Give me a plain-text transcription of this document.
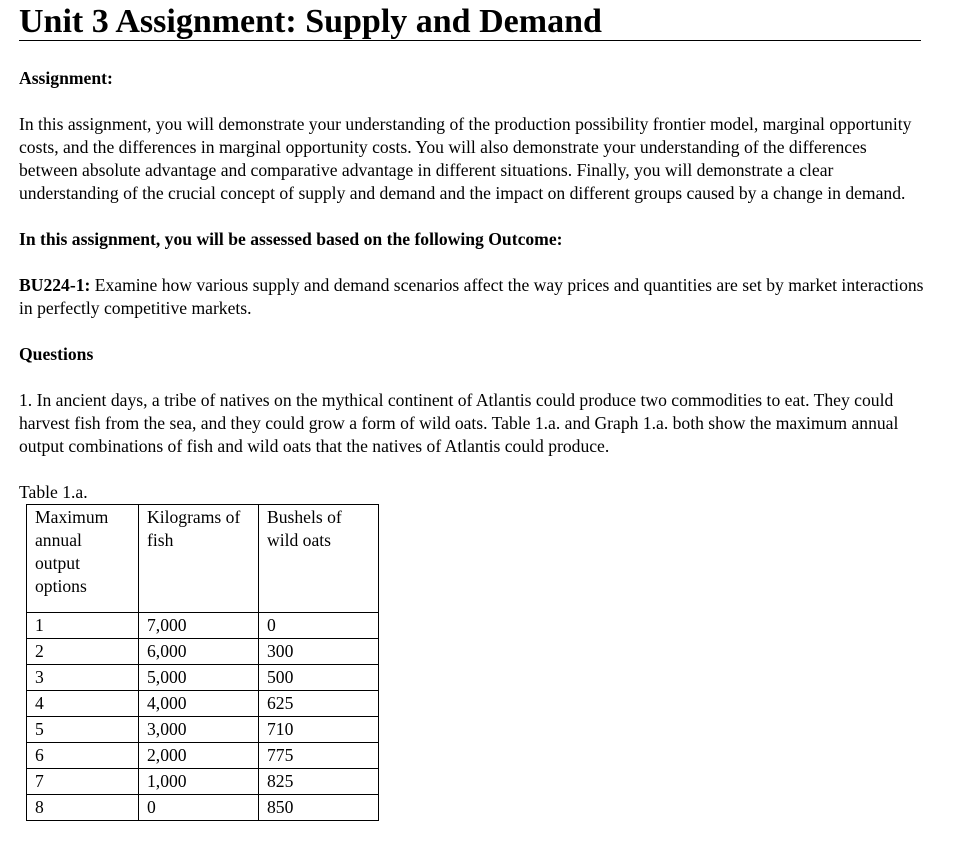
Unit 3 Assignment: Supply and Demand

Assignment:

In this assignment, you will demonstrate your understanding of the production possibility frontier model, marginal opportunity costs, and the differences in marginal opportunity costs. You will also demonstrate your understanding of the differences between absolute advantage and comparative advantage in different situations. Finally, you will demonstrate a clear understanding of the crucial concept of supply and demand and the impact on different groups caused by a change in demand.

In this assignment, you will be assessed based on the following Outcome:

BU224-1: Examine how various supply and demand scenarios affect the way prices and quantities are set by market interactions in perfectly competitive markets.

Questions

1. In ancient days, a tribe of natives on the mythical continent of Atlantis could produce two commodities to eat. They could harvest fish from the sea, and they could grow a form of wild oats. Table 1.a. and Graph 1.a. both show the maximum annual output combinations of fish and wild oats that the natives of Atlantis could produce.

Table 1.a.

Maximum annual output options	Kilograms of fish	Bushels of wild oats
1	7,000	0
2	6,000	300
3	5,000	500
4	4,000	625
5	3,000	710
6	2,000	775
7	1,000	825
8	0	850
